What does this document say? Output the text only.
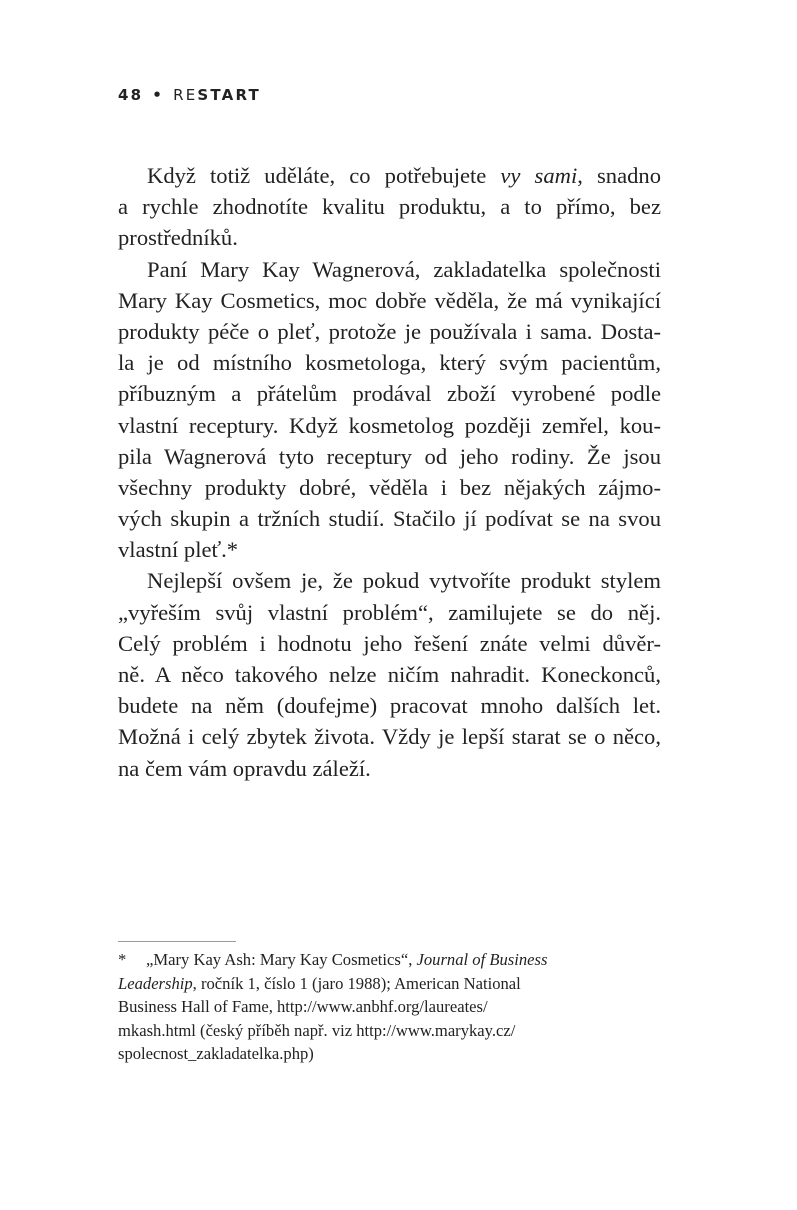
48 • RESTART
Když totiž uděláte, co potřebujete vy sami, snadno
a rychle zhodnotíte kvalitu produktu, a to přímo, bez
prostředníků.
Paní Mary Kay Wagnerová, zakladatelka společnosti
Mary Kay Cosmetics, moc dobře věděla, že má vynikající
produkty péče o pleť, protože je používala i sama. Dosta-
la je od místního kosmetologa, který svým pacientům,
příbuzným a přátelům prodával zboží vyrobené podle
vlastní receptury. Když kosmetolog později zemřel, kou-
pila Wagnerová tyto receptury od jeho rodiny. Že jsou
všechny produkty dobré, věděla i bez nějakých zájmo-
vých skupin a tržních studií. Stačilo jí podívat se na svou
vlastní pleť.*
Nejlepší ovšem je, že pokud vytvoříte produkt stylem
„vyřeším svůj vlastní problém“, zamilujete se do něj.
Celý problém i hodnotu jeho řešení znáte velmi důvěr-
ně. A něco takového nelze ničím nahradit. Koneckonců,
budete na něm (doufejme) pracovat mnoho dalších let.
Možná i celý zbytek života. Vždy je lepší starat se o něco,
na čem vám opravdu záleží.
* „Mary Kay Ash: Mary Kay Cosmetics“, Journal of Business
Leadership, ročník 1, číslo 1 (jaro 1988); American National
Business Hall of Fame, http://www.anbhf.org/laureates/
mkash.html (český příběh např. viz http://www.marykay.cz/
spolecnost_zakladatelka.php)
